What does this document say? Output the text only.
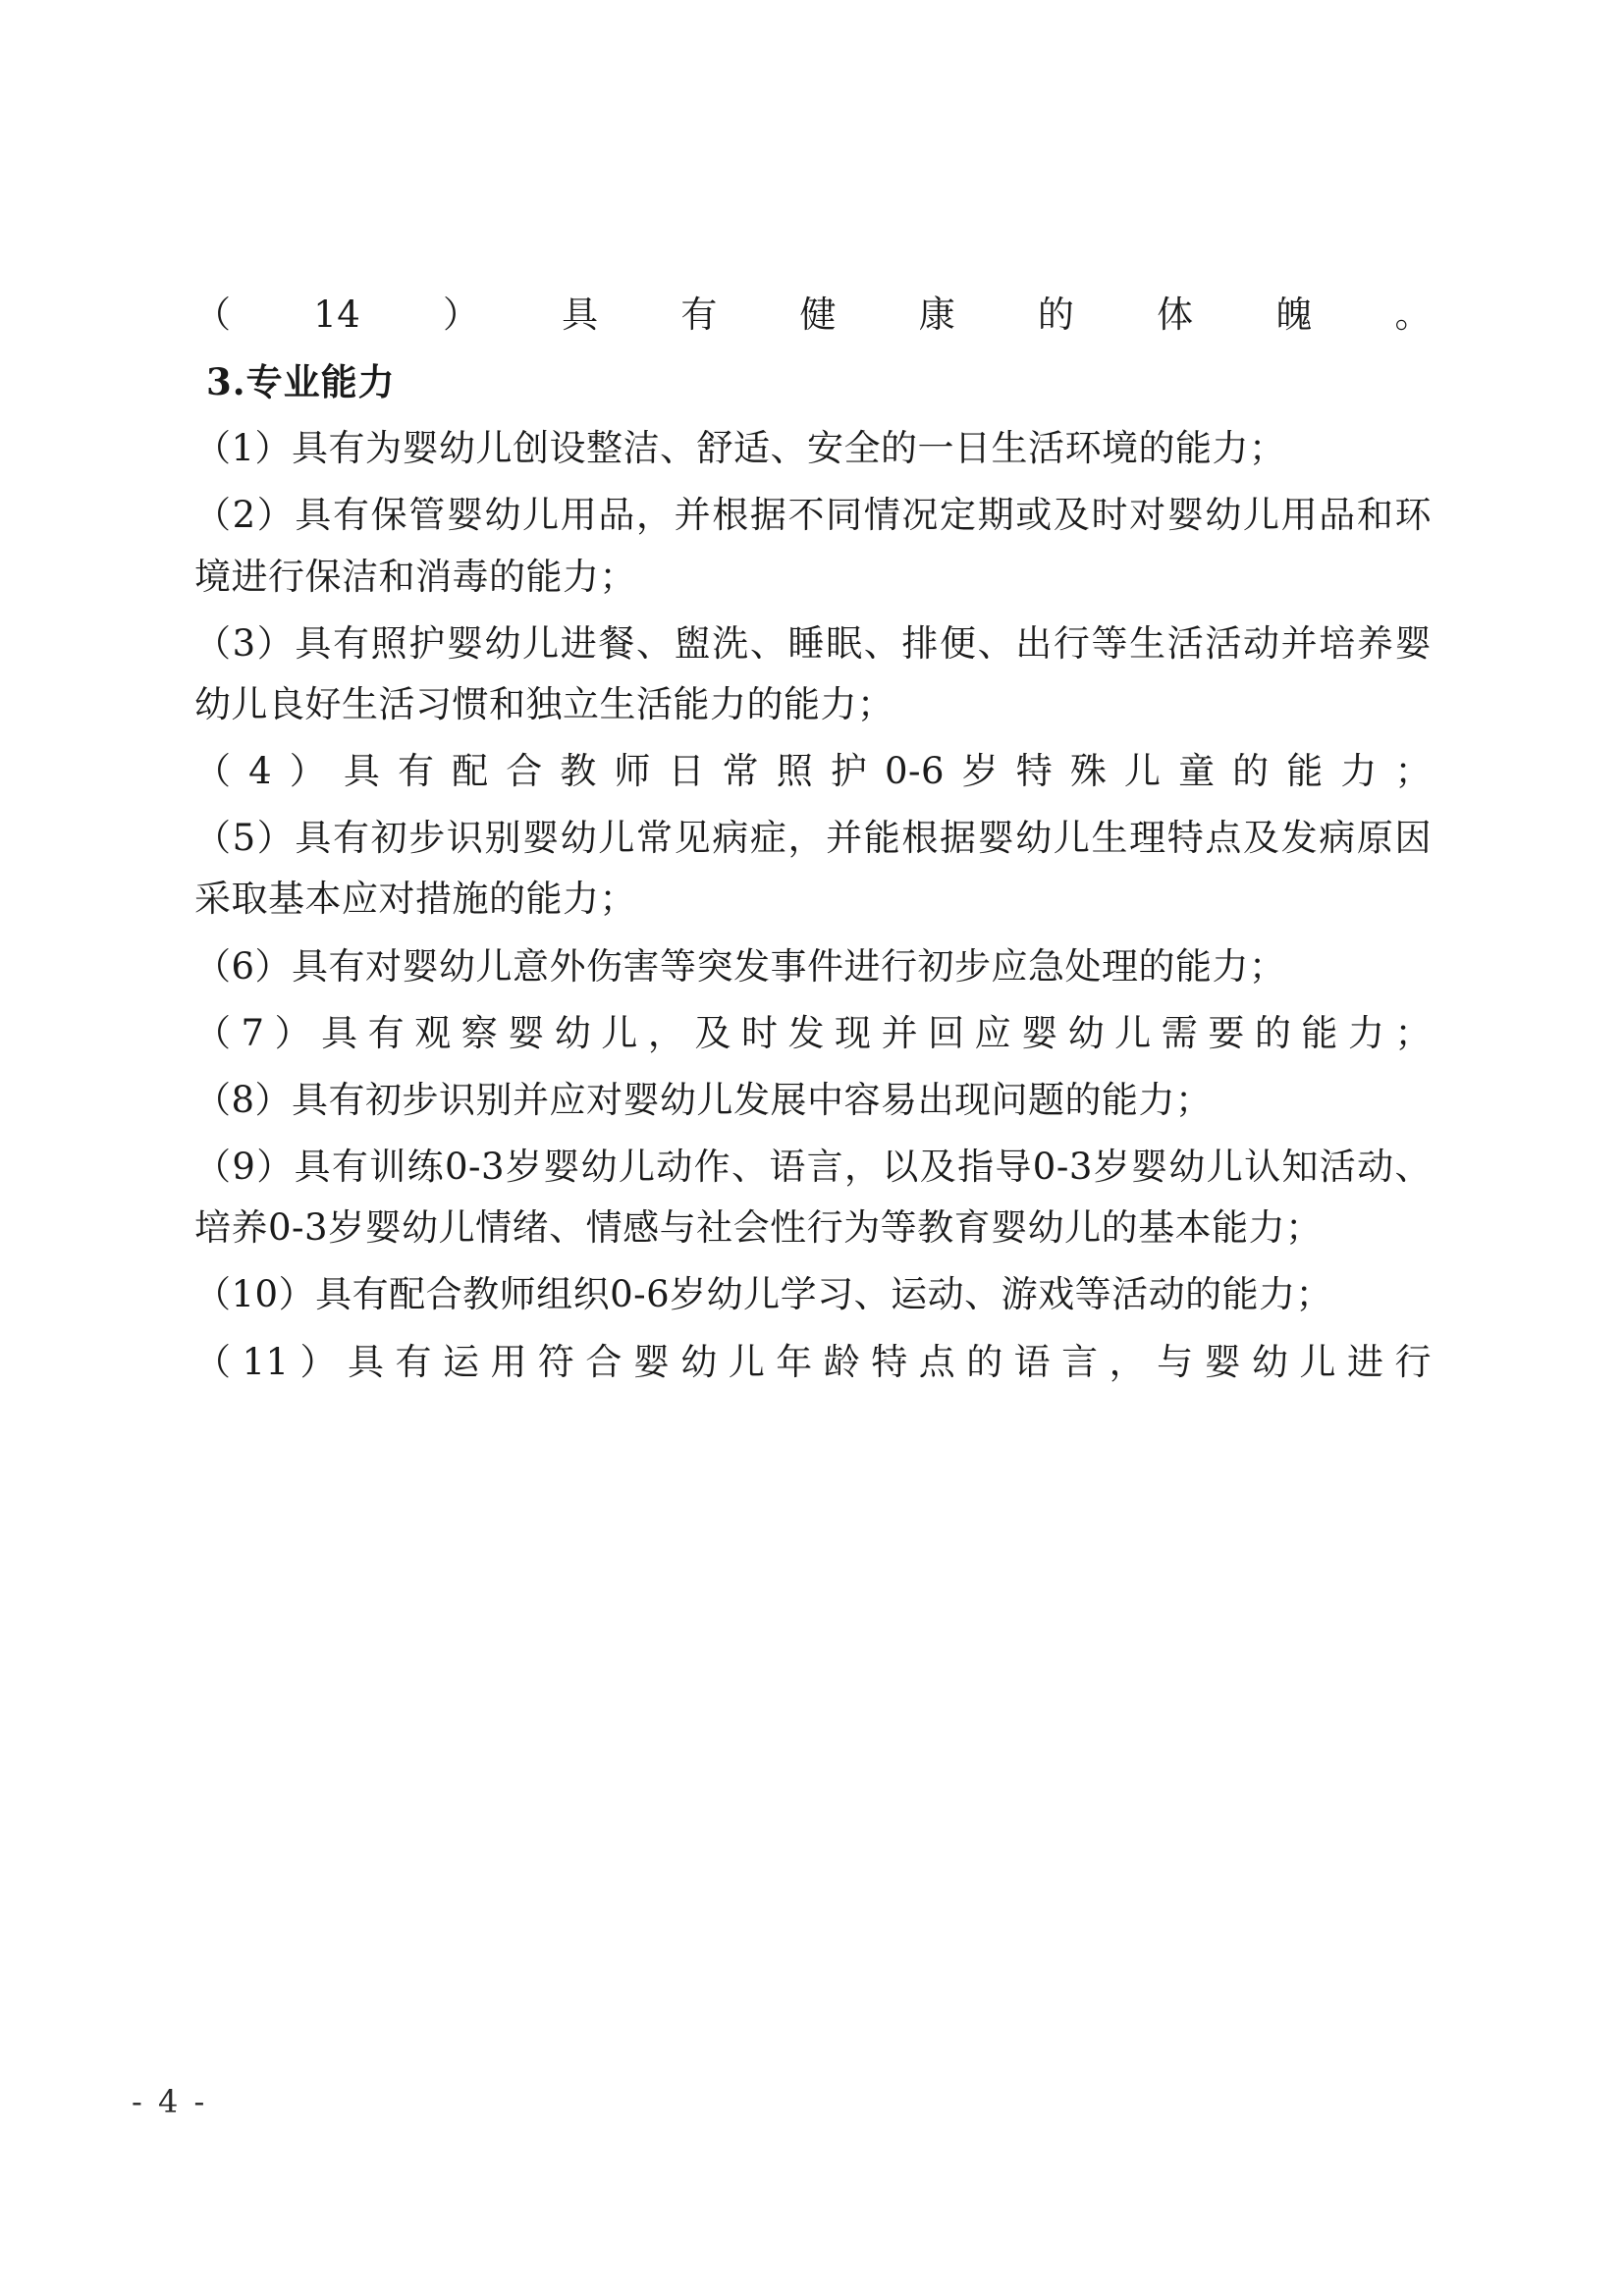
（14）具有健康的体魄。

3.专业能力

（1）具有为婴幼儿创设整洁、舒适、安全的一日生活环境的能力；

（2）具有保管婴幼儿用品，并根据不同情况定期或及时对婴幼儿用品和环境进行保洁和消毒的能力；

（3）具有照护婴幼儿进餐、盥洗、睡眠、排便、出行等生活活动并培养婴幼儿良好生活习惯和独立生活能力的能力；

（4）具有配合教师日常照护0-6岁特殊儿童的能力；

（5）具有初步识别婴幼儿常见病症，并能根据婴幼儿生理特点及发病原因采取基本应对措施的能力；

（6）具有对婴幼儿意外伤害等突发事件进行初步应急处理的能力；

（7）具有观察婴幼儿，及时发现并回应婴幼儿需要的能力；

（8）具有初步识别并应对婴幼儿发展中容易出现问题的能力；

（9）具有训练0-3岁婴幼儿动作、语言，以及指导0-3岁婴幼儿认知活动、培养0-3岁婴幼儿情绪、情感与社会性行为等教育婴幼儿的基本能力；

（10）具有配合教师组织0-6岁幼儿学习、运动、游戏等活动的能力；

（11）具有运用符合婴幼儿年龄特点的语言，与婴幼儿进行

- 4 -
